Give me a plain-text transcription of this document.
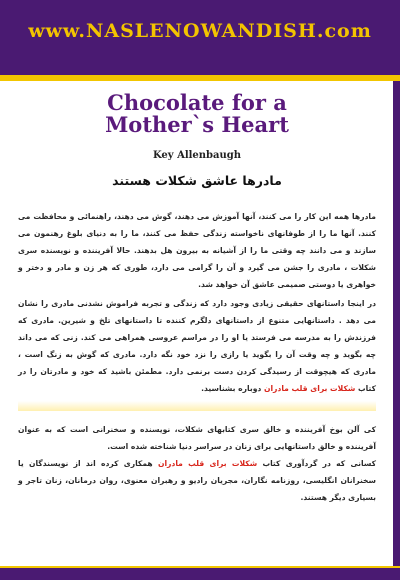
www.NASLENOWANDISH.com
Chocolate for a
Mother`s Heart
Key Allenbaugh
مادرها عاشق شکلات هستند

مادرها همه این کار را می کنند، آنها آموزش می دهند، گوش می دهند، راهنمائی و محافظت می کنند. آنها ما را از طوفانهای ناخواسته زندگی حفظ می کنند، ما را به دنیای بلوغ رهنمون می سازند و می دانند چه وقتی ما را از آشیانه به بیرون هل بدهند. حالا آفریننده و نویسنده سری شکلات ، مادری را جشن می گیرد و آن را گرامی می دارد، طوری که هر زن و مادر و دختر و خواهری یا دوستی صمیمی عاشق آن خواهد شد.

در اینجا داستانهای حقیقی زیادی وجود دارد که زندگی و تجربه فراموش نشدنی مادری را نشان می دهد . داستانهایی متنوع از داستانهای دلگرم کننده تا داستانهای تلخ و شیرین. مادری که فرزندش را به مدرسه می فرستد یا او را در مراسم عروسی همراهی می کند. زنی که می داند چه بگوید و چه وقت آن را بگوید یا رازی را نزد خود نگه دارد. مادری که گوش به زنگ است ، مادری که هیچوقت از رسیدگی کردن دست برنمی دارد. مطمئن باشید که خود و مادرتان را در کتاب شکلات برای قلب مادران دوباره بشناسید.

کی آلن بوخ آفریننده و خالق سری کتابهای شکلات، نویسنده و سخنرانی است که به عنوان آفریننده و خالق داستانهایی برای زنان در سراسر دنیا شناخته شده است.

کسانی که در گردآوری کتاب شکلات برای قلب مادران همکاری کرده اند از نویسندگان یا سخنرانان انگلیسی، روزنامه نگاران، مجریان رادیو و رهبران معنوی، روان درمانان، زنان تاجر و بسیاری دیگر هستند.
